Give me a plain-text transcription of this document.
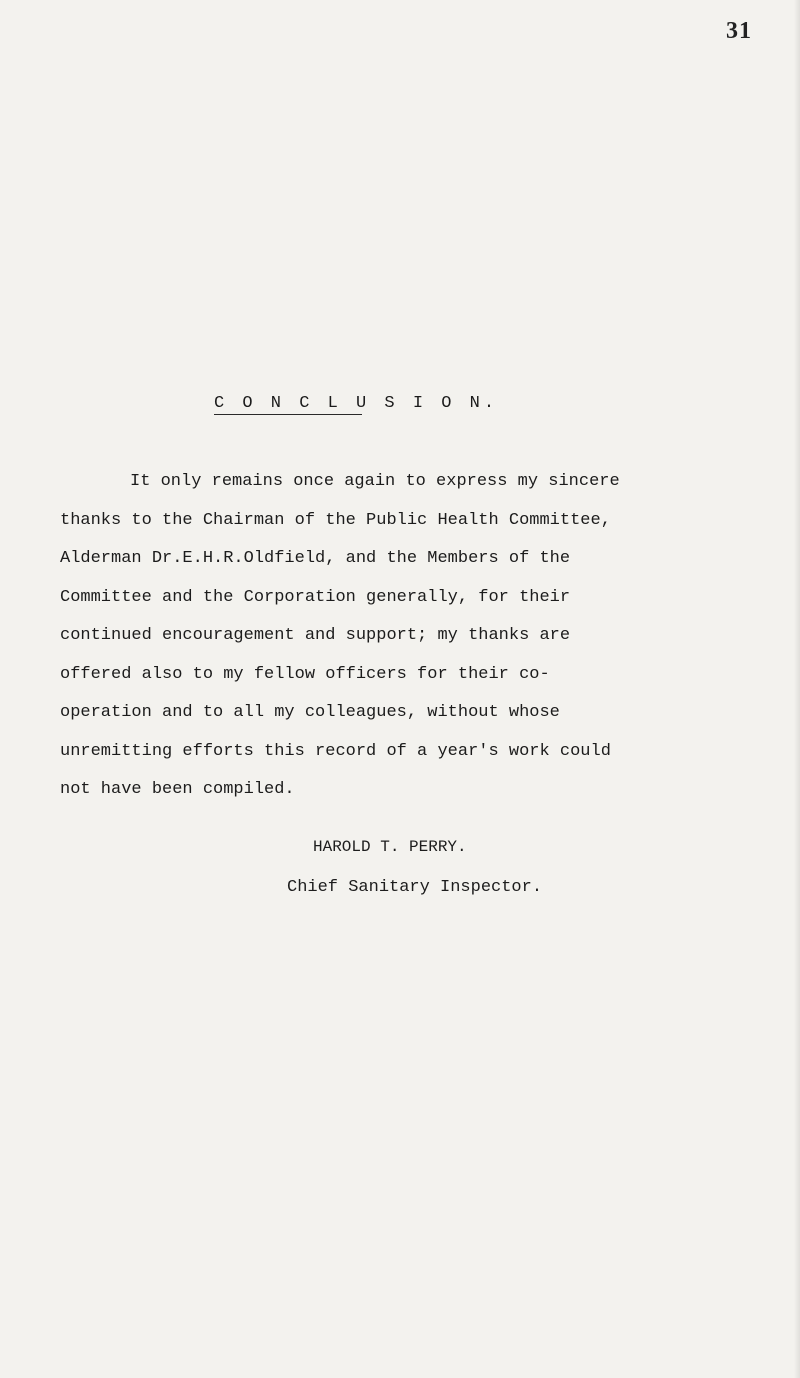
31
C O N C L U S I O N.

It only remains once again to express my sincere
thanks to the Chairman of the Public Health Committee,
Alderman Dr.E.H.R.Oldfield, and the Members of the
Committee and the Corporation generally, for their
continued encouragement and support; my thanks are
offered also to my fellow officers for their co-
operation and to all my colleagues, without whose
unremitting efforts this record of a year's work could
not have been compiled.

HAROLD T. PERRY.
Chief Sanitary Inspector.
